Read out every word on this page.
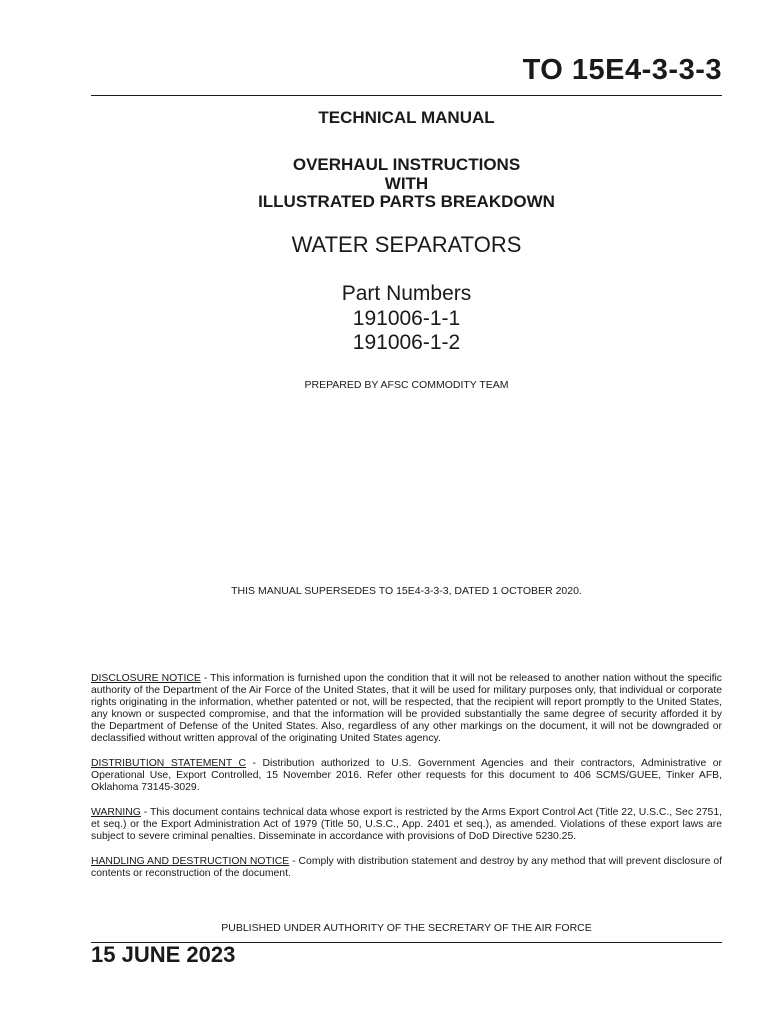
TO 15E4-3-3-3
TECHNICAL MANUAL
OVERHAUL INSTRUCTIONS
WITH
ILLUSTRATED PARTS BREAKDOWN
WATER SEPARATORS
Part Numbers
191006-1-1
191006-1-2
PREPARED BY AFSC COMMODITY TEAM
THIS MANUAL SUPERSEDES TO 15E4-3-3-3, DATED 1 OCTOBER 2020.

DISCLOSURE NOTICE - This information is furnished upon the condition that it will not be released to another nation without the specific authority of the Department of the Air Force of the United States, that it will be used for military purposes only, that individual or corporate rights originating in the information, whether patented or not, will be respected, that the recipient will report promptly to the United States, any known or suspected compromise, and that the information will be provided substantially the same degree of security afforded it by the Department of Defense of the United States. Also, regardless of any other markings on the document, it will not be downgraded or declassified without written approval of the originating United States agency.

DISTRIBUTION STATEMENT C - Distribution authorized to U.S. Government Agencies and their contractors, Administrative or Operational Use, Export Controlled, 15 November 2016. Refer other requests for this document to 406 SCMS/GUEE, Tinker AFB, Oklahoma 73145-3029.

WARNING - This document contains technical data whose export is restricted by the Arms Export Control Act (Title 22, U.S.C., Sec 2751, et seq.) or the Export Administration Act of 1979 (Title 50, U.S.C., App. 2401 et seq.), as amended. Violations of these export laws are subject to severe criminal penalties. Disseminate in accordance with provisions of DoD Directive 5230.25.

HANDLING AND DESTRUCTION NOTICE - Comply with distribution statement and destroy by any method that will prevent disclosure of contents or reconstruction of the document.

PUBLISHED UNDER AUTHORITY OF THE SECRETARY OF THE AIR FORCE
15 JUNE 2023
